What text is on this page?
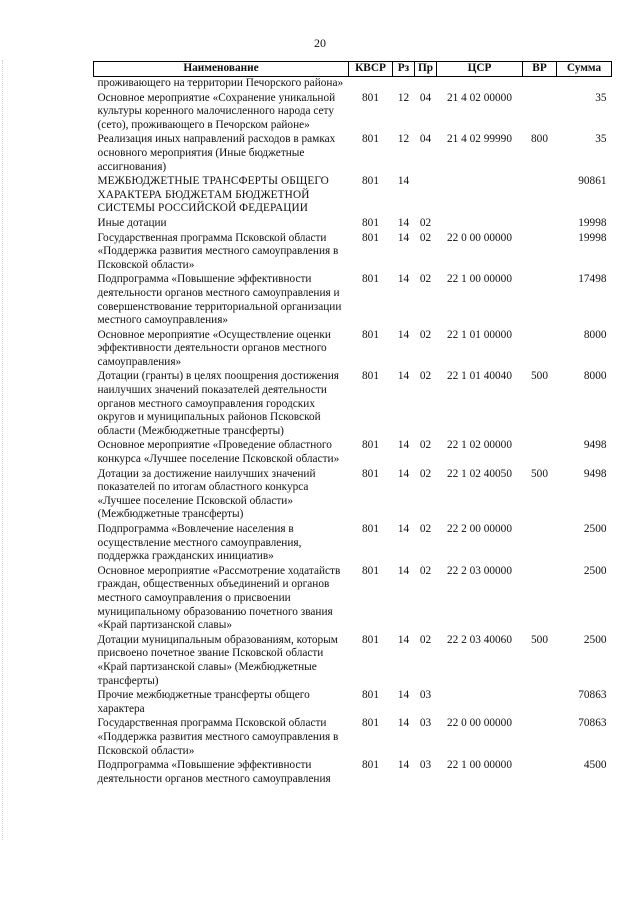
20
Наименование	КВСР	Рз	Пр	ЦСР	ВР	Сумма
проживающего на территории Печорского района»						
Основное мероприятие «Сохранение уникальной культуры коренного малочисленного народа сету (сето), проживающего в Печорском районе»	801	12	04	21 4 02 00000		35
Реализация иных направлений расходов в рамках основного мероприятия (Иные бюджетные ассигнования)	801	12	04	21 4 02 99990	800	35
МЕЖБЮДЖЕТНЫЕ ТРАНСФЕРТЫ ОБЩЕГО ХАРАКТЕРА БЮДЖЕТАМ БЮДЖЕТНОЙ СИСТЕМЫ РОССИЙСКОЙ ФЕДЕРАЦИИ	801	14				90861
Иные дотации	801	14	02			19998
Государственная программа Псковской области «Поддержка развития местного самоуправления в Псковской области»	801	14	02	22 0 00 00000		19998
Подпрограмма «Повышение эффективности деятельности органов местного самоуправления и совершенствование территориальной организации местного самоуправления»	801	14	02	22 1 00 00000		17498
Основное мероприятие «Осуществление оценки эффективности деятельности органов местного самоуправления»	801	14	02	22 1 01 00000		8000
Дотации (гранты) в целях поощрения достижения наилучших значений показателей деятельности органов местного самоуправления городских округов и муниципальных районов Псковской области (Межбюджетные трансферты)	801	14	02	22 1 01 40040	500	8000
Основное мероприятие «Проведение областного конкурса «Лучшее поселение Псковской области»	801	14	02	22 1 02 00000		9498
Дотации за достижение наилучших значений показателей по итогам областного конкурса «Лучшее поселение Псковской области» (Межбюджетные трансферты)	801	14	02	22 1 02 40050	500	9498
Подпрограмма «Вовлечение населения в осуществление местного самоуправления, поддержка гражданских инициатив»	801	14	02	22 2 00 00000		2500
Основное мероприятие «Рассмотрение ходатайств граждан, общественных объединений и органов местного самоуправления о присвоении муниципальному образованию почетного звания «Край партизанской славы»	801	14	02	22 2 03 00000		2500
Дотации муниципальным образованиям, которым присвоено почетное звание Псковской области «Край партизанской славы» (Межбюджетные трансферты)	801	14	02	22 2 03 40060	500	2500
Прочие межбюджетные трансферты общего характера	801	14	03			70863
Государственная программа Псковской области «Поддержка развития местного самоуправления в Псковской области»	801	14	03	22 0 00 00000		70863
Подпрограмма «Повышение эффективности деятельности органов местного самоуправления	801	14	03	22 1 00 00000		4500
